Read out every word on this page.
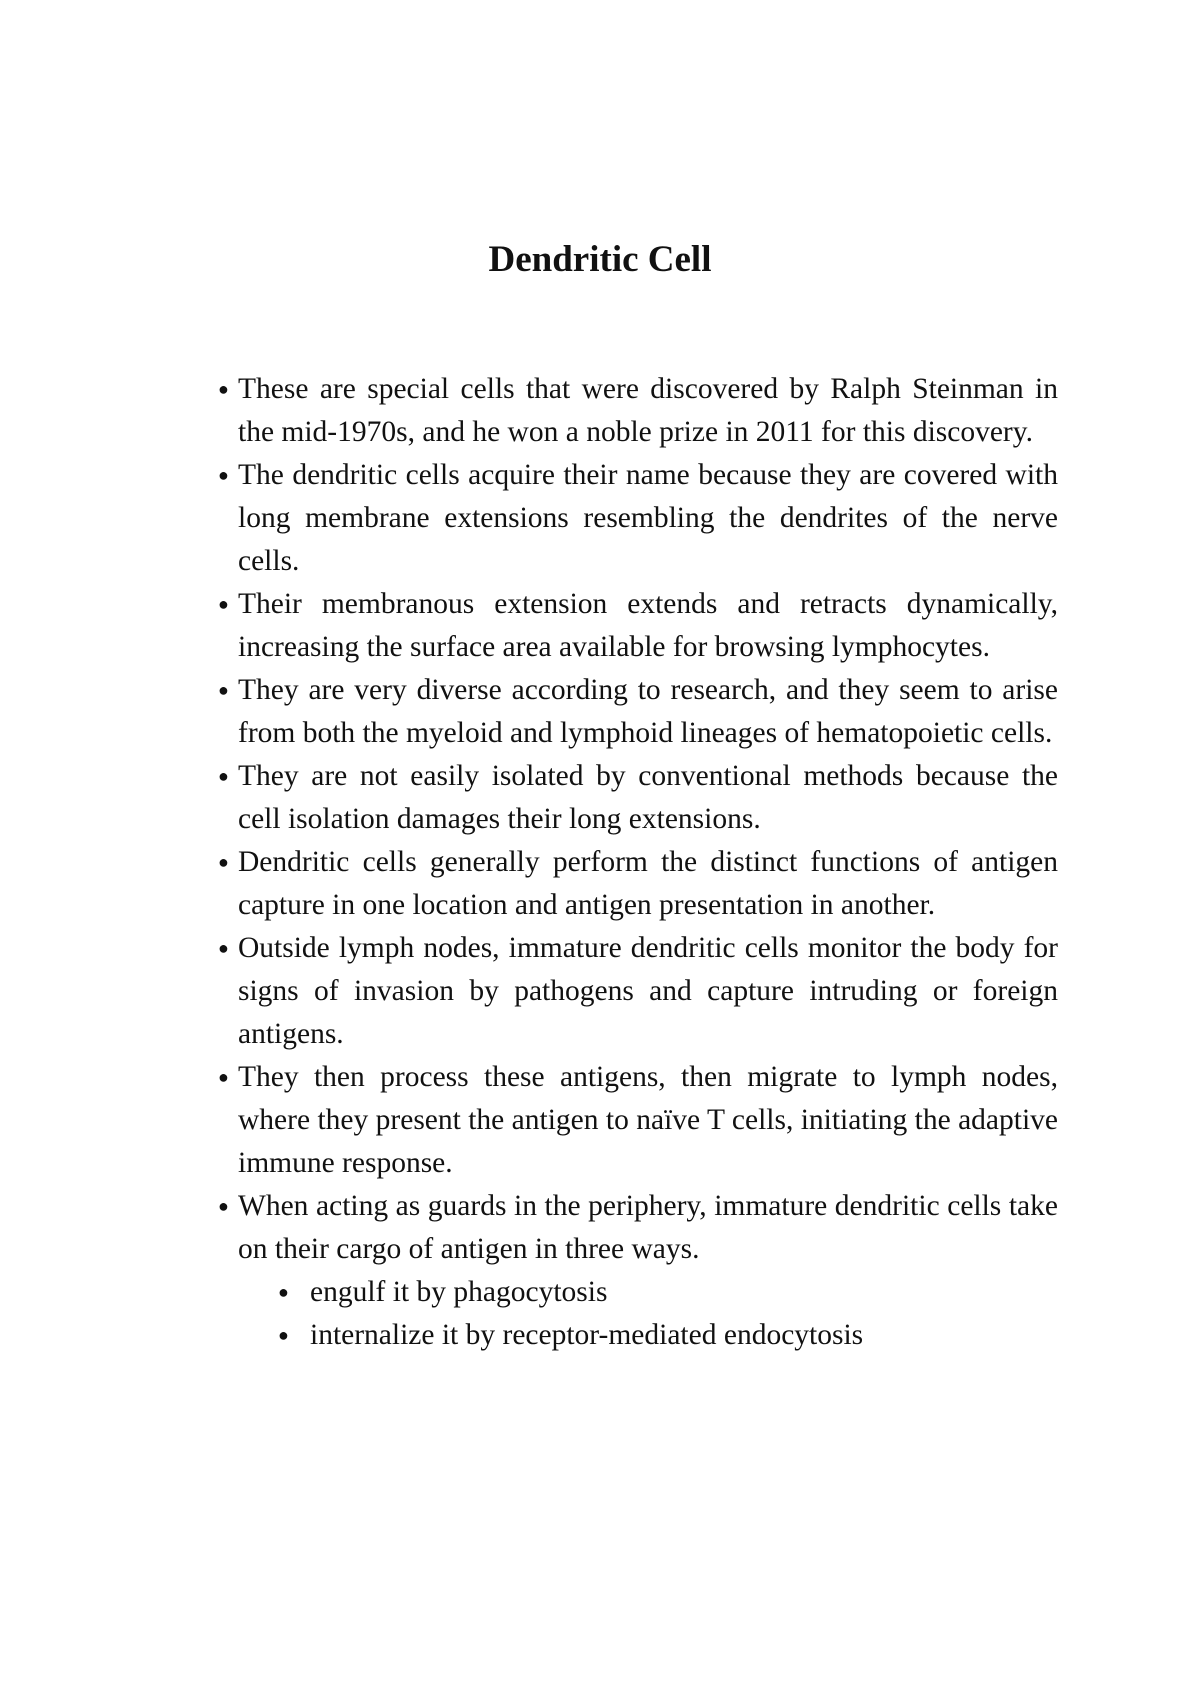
Dendritic Cell
● These are special cells that were discovered by Ralph Steinman in the mid-1970s, and he won a noble prize in 2011 for this discovery.
● The dendritic cells acquire their name because they are covered with long membrane extensions resembling the dendrites of the nerve cells.
● Their membranous extension extends and retracts dynamically, increasing the surface area available for browsing lymphocytes.
● They are very diverse according to research, and they seem to arise from both the myeloid and lymphoid lineages of hematopoietic cells.
● They are not easily isolated by conventional methods because the cell isolation damages their long extensions.
● Dendritic cells generally perform the distinct functions of antigen capture in one location and antigen presentation in another.
● Outside lymph nodes, immature dendritic cells monitor the body for signs of invasion by pathogens and capture intruding or foreign antigens.
● They then process these antigens, then migrate to lymph nodes, where they present the antigen to naïve T cells, initiating the adaptive immune response.
● When acting as guards in the periphery, immature dendritic cells take on their cargo of antigen in three ways.
● engulf it by phagocytosis
● internalize it by receptor-mediated endocytosis
